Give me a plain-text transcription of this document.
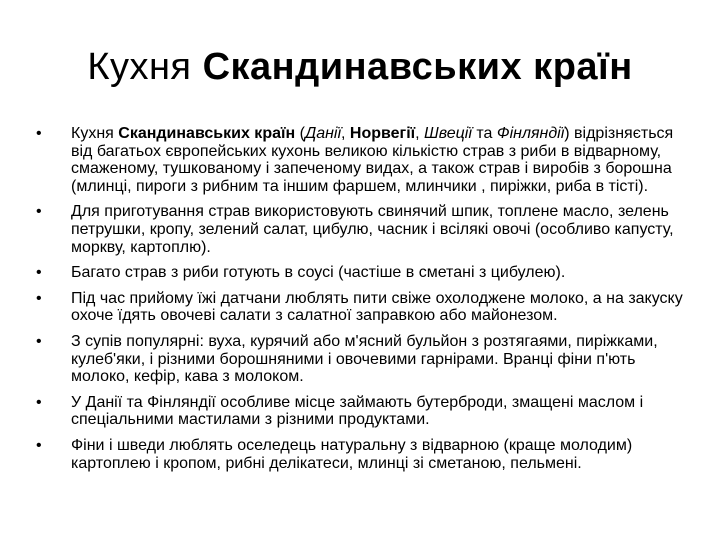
Кухня Скандинавських країн
• Кухня Скандинавських країн (Данії, Норвегії, Швеції та Фінляндії) відрізняється від багатьох європейських кухонь великою кількістю страв з риби в відварному, смаженому, тушкованому і запеченому видах, а також страв і виробів з борошна (млинці, пироги з рибним та іншим фаршем, млинчики , пиріжки, риба в тісті).
• Для приготування страв використовують свинячий шпик, топлене масло, зелень петрушки, кропу, зелений салат, цибулю, часник і всілякі овочі (особливо капусту, моркву, картоплю).
• Багато страв з риби готують в соусі (частіше в сметані з цибулею).
• Під час прийому їжі датчани люблять пити свіже охолоджене молоко, а на закуску охоче їдять овочеві салати з салатної заправкою або майонезом.
• З супів популярні: вуха, курячий або м'ясний бульйон з розтягаями, пиріжками, кулеб'яки, і різними борошняними і овочевими гарнірами. Вранці фіни п'ють молоко, кефір, кава з молоком.
• У Данії та Фінляндії особливе місце займають бутерброди, змащені маслом і спеціальними мастилами з різними продуктами.
• Фіни і шведи люблять оселедець натуральну з відварною (краще молодим) картоплею і кропом, рибні делікатеси, млинці зі сметаною, пельмені.
